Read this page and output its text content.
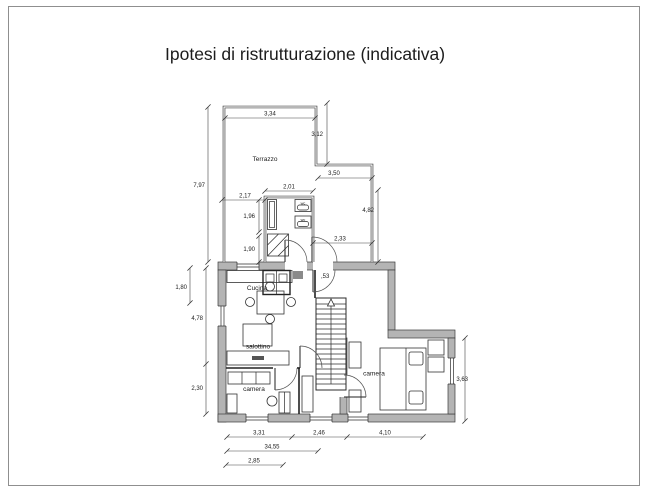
Ipotesi di ristrutturazione (indicativa)
Terrazzo
wc
wc
Cucina
salottino
camera
camera
3,34
3,12
7,97
3,50
2,01
2,17
1,96
1,90
2,33
4,82
,53
1,80
4,78
2,30
3,63
3,31	2,46	4,10
34,55
2,85
